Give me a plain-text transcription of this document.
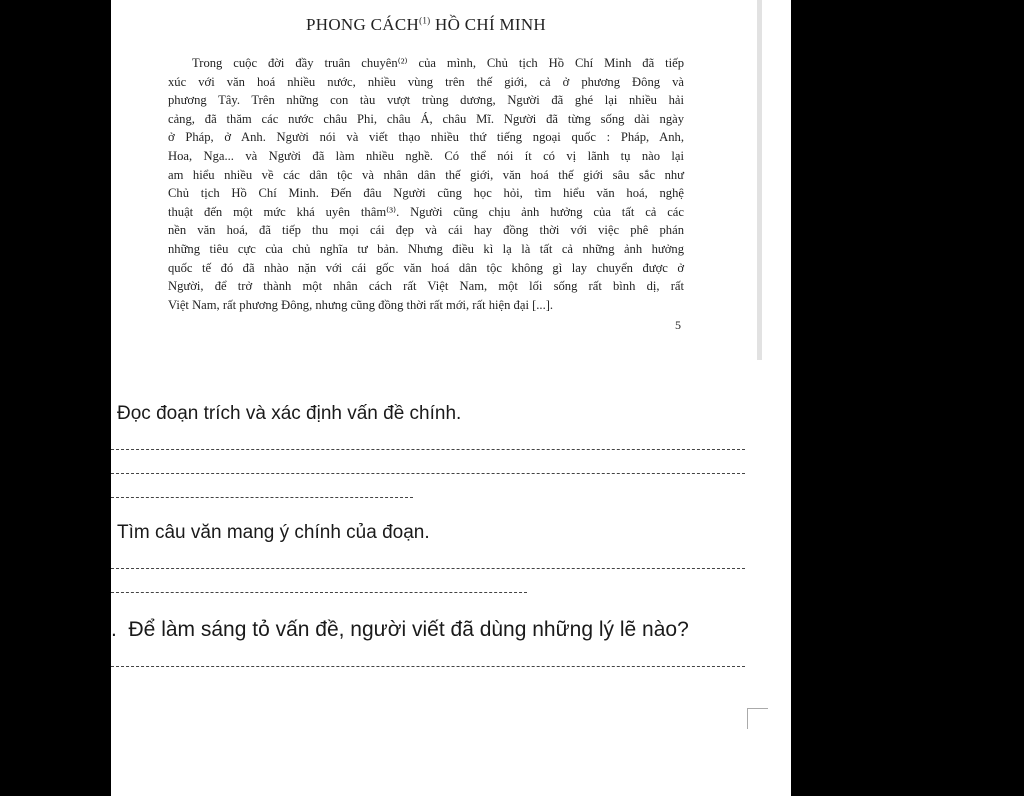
PHONG CÁCH$^{(1)}$ HỒ CHÍ MINH
Trong cuộc đời đầy truân chuyên⁽²⁾ của mình, Chủ tịch Hồ Chí Minh đã tiếp
xúc với văn hoá nhiều nước, nhiều vùng trên thế giới, cả ở phương Đông và
phương Tây. Trên những con tàu vượt trùng dương, Người đã ghé lại nhiều hải
cảng, đã thăm các nước châu Phi, châu Á, châu Mĩ. Người đã từng sống dài ngày
ở Pháp, ở Anh. Người nói và viết thạo nhiều thứ tiếng ngoại quốc : Pháp, Anh,
Hoa, Nga... và Người đã làm nhiều nghề. Có thể nói ít có vị lãnh tụ nào lại
am hiểu nhiều về các dân tộc và nhân dân thế giới, văn hoá thế giới sâu sắc như
Chủ tịch Hồ Chí Minh. Đến đâu Người cũng học hỏi, tìm hiểu văn hoá, nghệ
thuật đến một mức khá uyên thâm⁽³⁾. Người cũng chịu ảnh hưởng của tất cả các
nền văn hoá, đã tiếp thu mọi cái đẹp và cái hay đồng thời với việc phê phán
những tiêu cực của chủ nghĩa tư bản. Nhưng điều kì lạ là tất cả những ảnh hưởng
quốc tế đó đã nhào nặn với cái gốc văn hoá dân tộc không gì lay chuyển được ở
Người, để trở thành một nhân cách rất Việt Nam, một lối sống rất bình dị, rất
Việt Nam, rất phương Đông, nhưng cũng đồng thời rất mới, rất hiện đại [...].
5
Đọc đoạn trích và xác định vấn đề chính.
Tìm câu văn mang ý chính của đoạn.
. Để làm sáng tỏ vấn đề, người viết đã dùng những lý lẽ nào?
